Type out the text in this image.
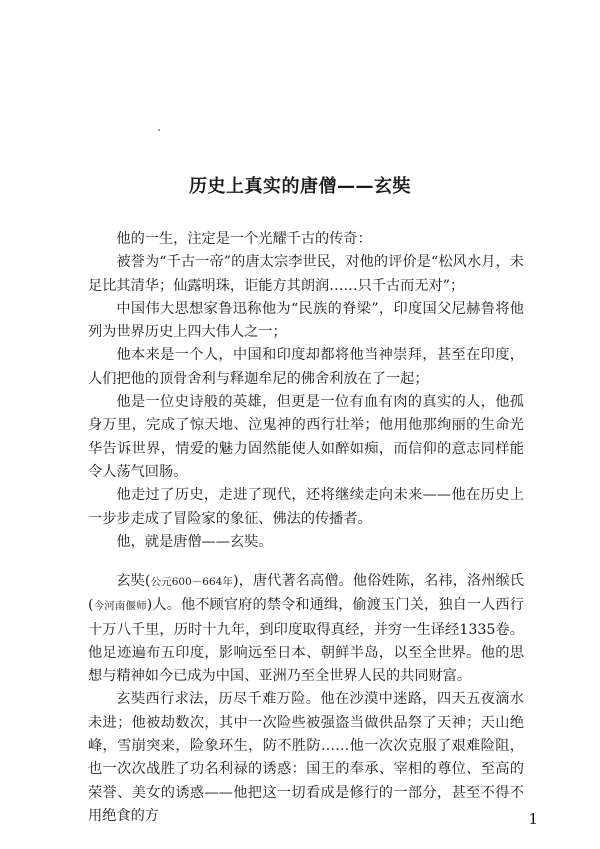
历史上真实的唐僧——玄奘

他的一生，注定是一个光耀千古的传奇：

被誉为“千古一帝”的唐太宗李世民，对他的评价是“松风水月，未足比其清华；仙露明珠，讵能方其朗润……只千古而无对”；

中国伟大思想家鲁迅称他为“民族的脊梁”，印度国父尼赫鲁将他列为世界历史上四大伟人之一；

他本来是一个人，中国和印度却都将他当神崇拜，甚至在印度，人们把他的顶骨舍利与释迦牟尼的佛舍利放在了一起；

他是一位史诗般的英雄，但更是一位有血有肉的真实的人，他孤身万里，完成了惊天地、泣鬼神的西行壮举；他用他那绚丽的生命光华告诉世界，情爱的魅力固然能使人如醉如痴，而信仰的意志同样能令人荡气回肠。

他走过了历史，走进了现代，还将继续走向未来——他在历史上一步步走成了冒险家的象征、佛法的传播者。

他，就是唐僧——玄奘。

玄奘(公元600－664年)，唐代著名高僧。他俗姓陈，名祎，洛州缑氏(今河南偃师)人。他不顾官府的禁令和通缉，偷渡玉门关，独自一人西行十万八千里，历时十九年，到印度取得真经，并穷一生译经1335卷。他足迹遍布五印度，影响远至日本、朝鲜半岛，以至全世界。他的思想与精神如今已成为中国、亚洲乃至全世界人民的共同财富。

玄奘西行求法，历尽千难万险。他在沙漠中迷路，四天五夜滴水未进；他被劫数次，其中一次险些被强盗当做供品祭了天神；天山绝峰，雪崩突来，险象环生，防不胜防……他一次次克服了艰难险阻，也一次次战胜了功名利禄的诱惑：国王的奉承、宰相的尊位、至高的荣誉、美女的诱惑——他把这一切看成是修行的一部分，甚至不得不用绝食的方	1
